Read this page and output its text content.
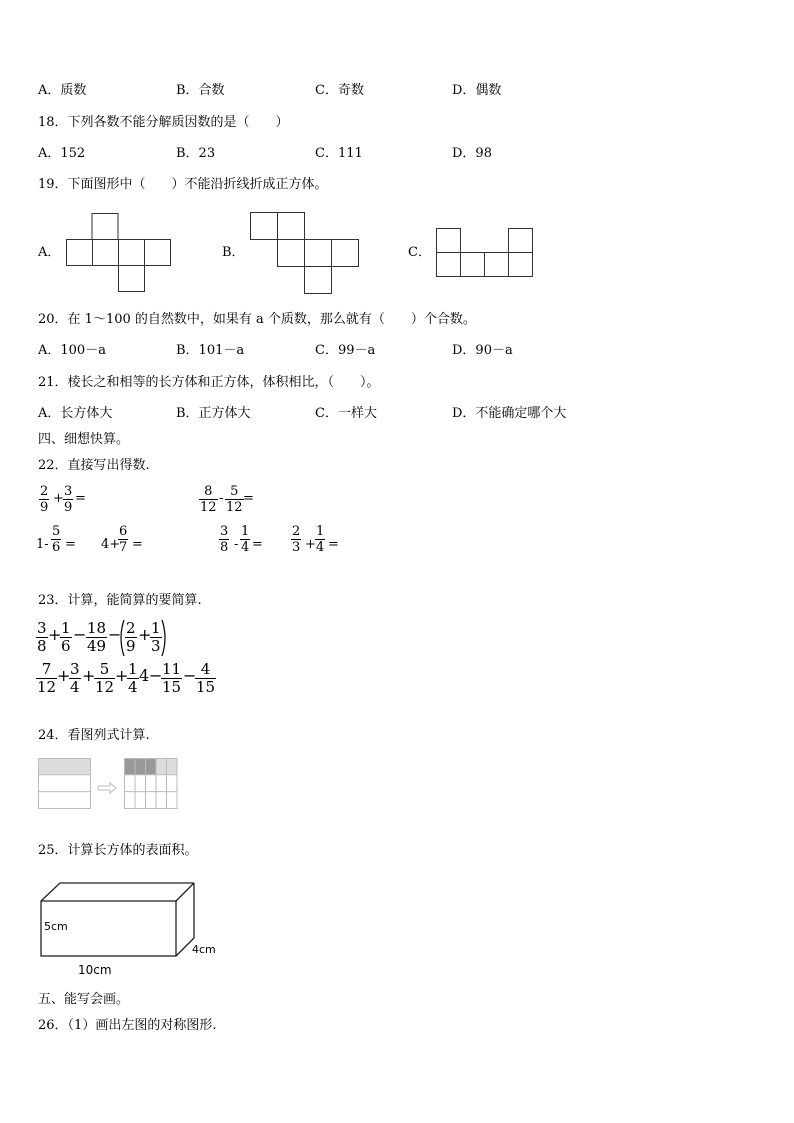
A．质数	B．合数	C．奇数	D．偶数
18．下列各数不能分解质因数的是（　　）
A．152	B．23	C．111	D．98
19．下面图形中（　　）不能沿折线折成正方体。
A．	B．	C．
20．在 1～100 的自然数中，如果有 a 个质数，那么就有（　　）个合数。
A．100－a	B．101－a	C．99－a	D．90－a
21．棱长之和相等的长方体和正方体，体积相比，（　　）。
A．长方体大	B．正方体大	C．一样大	D．不能确定哪个大
四、细想快算。
22．直接写出得数.
2
9
+ 3
9
=	8
12
- 5
12
=
1-
5
6 = 4+
6
7 =
3
8 -
1
4 =
2
3 +
1
4 =
23．计算，能简算的要简算.
3
8
+ 1
6
− 18
49
− 2
9
+ 1
3
7
12
+ 3
4
+ 5
12
+ 1
4
4 − 11
15
− 4
15
24．看图列式计算.
25．计算长方体的表面积。
5cm
4cm
10cm
五、能写会画。
26．（1）画出左图的对称图形.
